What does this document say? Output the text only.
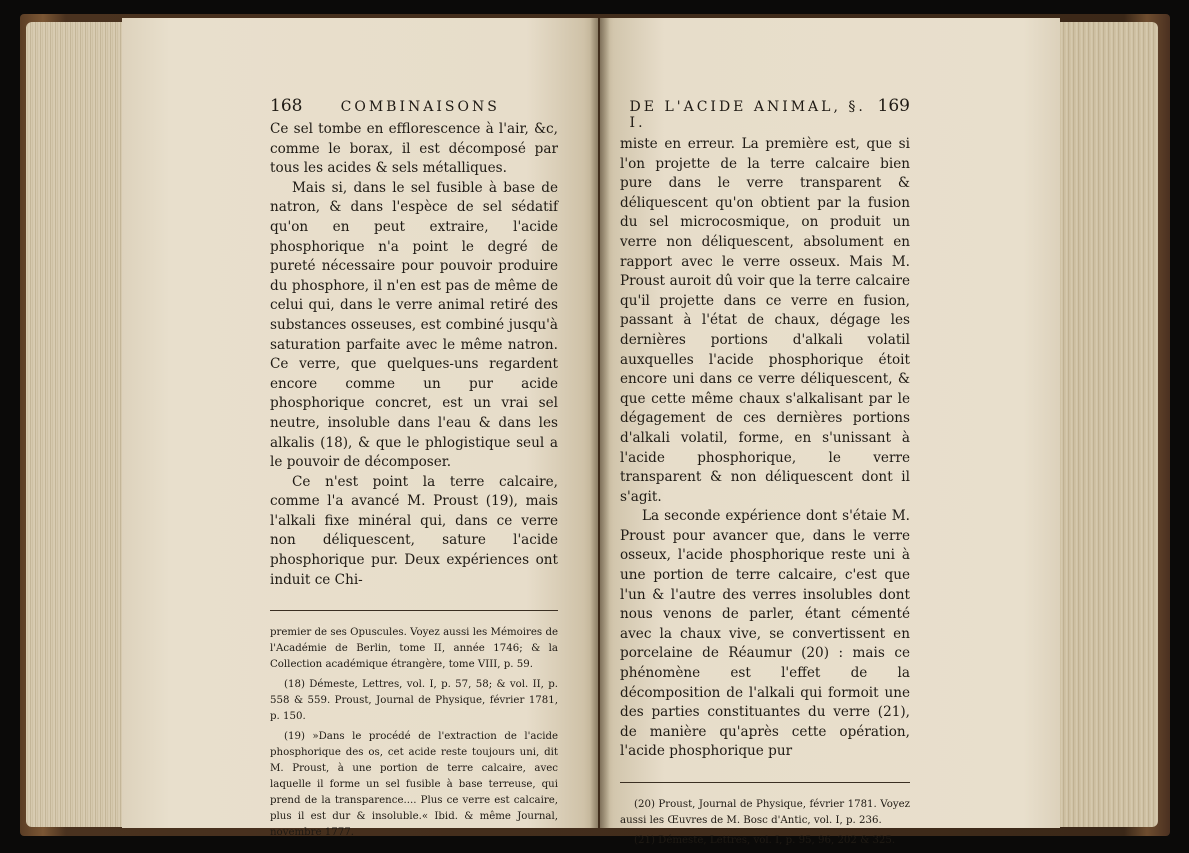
168	COMBINAISONS

Ce sel tombe en efflorescence à l'air, &c, comme le borax, il est décomposé par tous les acides & sels métalliques.

Mais si, dans le sel fusible à base de natron, & dans l'espèce de sel sédatif qu'on en peut extraire, l'acide phosphorique n'a point le degré de pureté nécessaire pour pouvoir produire du phosphore, il n'en est pas de même de celui qui, dans le verre animal retiré des substances osseuses, est combiné jusqu'à saturation parfaite avec le même natron. Ce verre, que quelques-uns regardent encore comme un pur acide phosphorique concret, est un vrai sel neutre, insoluble dans l'eau & dans les alkalis (18), & que le phlogistique seul a le pouvoir de décomposer.

Ce n'est point la terre calcaire, comme l'a avancé M. Proust (19), mais l'alkali fixe minéral qui, dans ce verre non déliquescent, sature l'acide phosphorique pur. Deux expériences ont induit ce Chi-

premier de ses Opuscules. Voyez aussi les Mémoires de l'Académie de Berlin, tome II, année 1746; & la Collection académique étrangère, tome VIII, p. 59.

(18) Démeste, Lettres, vol. I, p. 57, 58; & vol. II, p. 558 & 559. Proust, Journal de Physique, février 1781, p. 150.

(19) »Dans le procédé de l'extraction de l'acide phosphorique des os, cet acide reste toujours uni, dit M. Proust, à une portion de terre calcaire, avec laquelle il forme un sel fusible à base terreuse, qui prend de la transparence.... Plus ce verre est calcaire, plus il est dur & insoluble.« Ibid. & même Journal, novembre 1777.

DE L'ACIDE ANIMAL, §. I.
169

miste en erreur. La première est, que si l'on projette de la terre calcaire bien pure dans le verre transparent & déliquescent qu'on obtient par la fusion du sel microcosmique, on produit un verre non déliquescent, absolument en rapport avec le verre osseux. Mais M. Proust auroit dû voir que la terre calcaire qu'il projette dans ce verre en fusion, passant à l'état de chaux, dégage les dernières portions d'alkali volatil auxquelles l'acide phosphorique étoit encore uni dans ce verre déliquescent, & que cette même chaux s'alkalisant par le dégagement de ces dernières portions d'alkali volatil, forme, en s'unissant à l'acide phosphorique, le verre transparent & non déliquescent dont il s'agit.

La seconde expérience dont s'étaie M. Proust pour avancer que, dans le verre osseux, l'acide phosphorique reste uni à une portion de terre calcaire, c'est que l'un & l'autre des verres insolubles dont nous venons de parler, étant cémenté avec la chaux vive, se convertissent en porcelaine de Réaumur (20) : mais ce phénomène est l'effet de la décomposition de l'alkali qui formoit une des parties constituantes du verre (21), de manière qu'après cette opération, l'acide phosphorique pur

(20) Proust, Journal de Physique, février 1781. Voyez aussi les Œuvres de M. Bosc d'Antic, vol. I, p. 236.

(21) Démeste, Lettres, vol. I, p. 95, 96, 202 & 325.
